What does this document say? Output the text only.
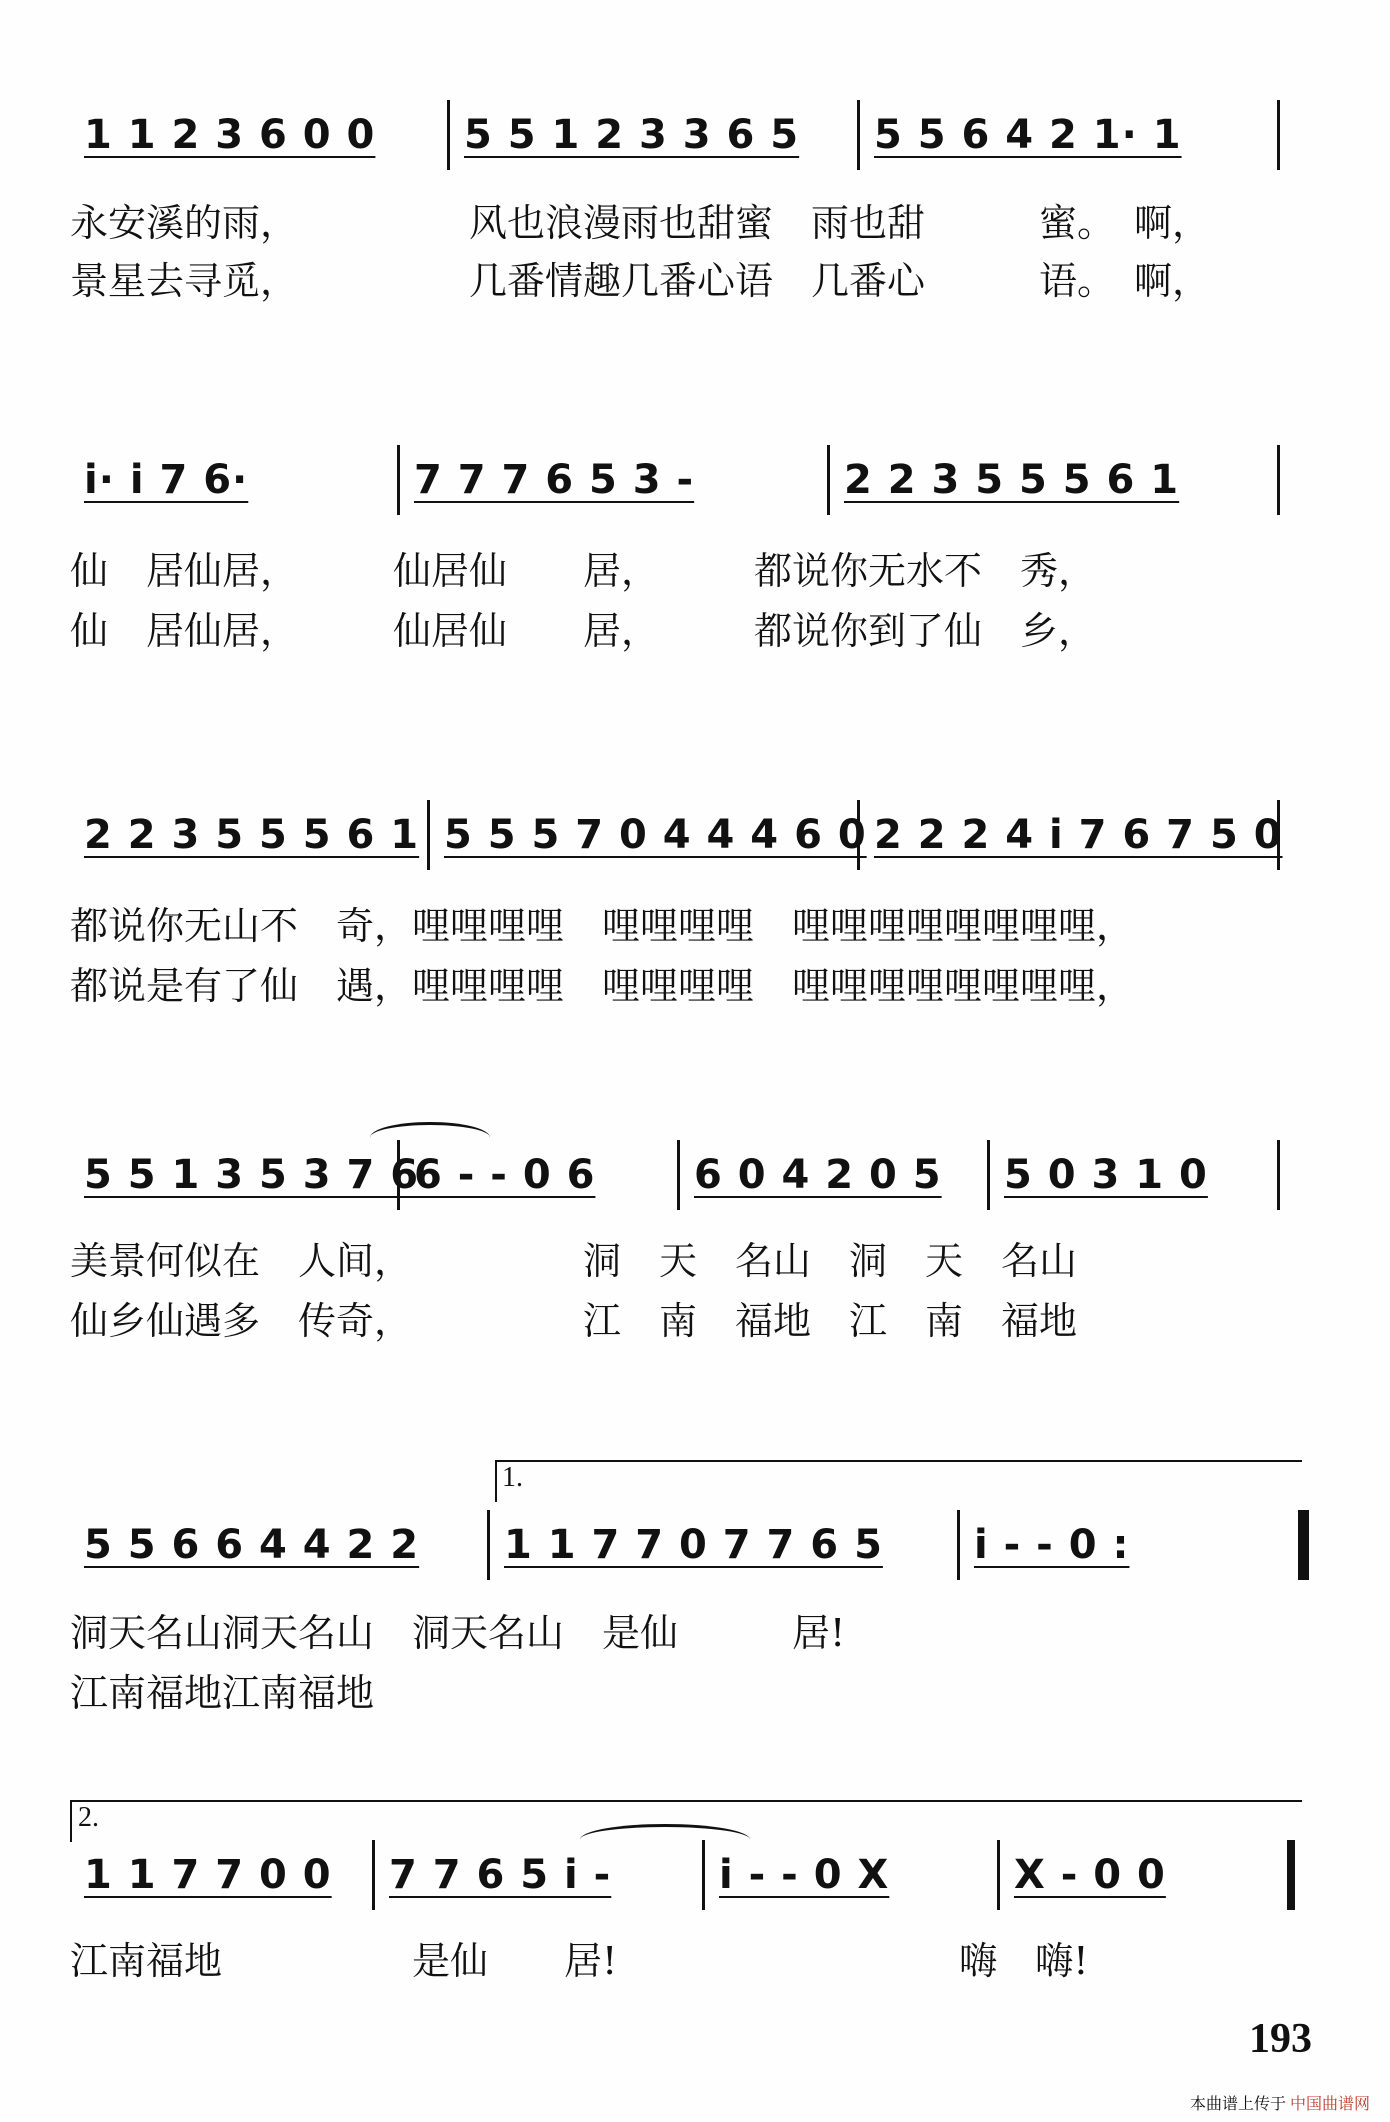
1 1 2 3 6 0 0	5 5 1 2 3 3 6 5	5 5 6 4 2 1· 1
永安溪的雨，　　　　　风也浪漫雨也甜蜜　雨也甜　　　蜜。　啊，
景星去寻觅，　　　　　几番情趣几番心语　几番心　　　语。　啊，
i· i 7 6·	7 7 7 6 5 3 -	2 2 3 5 5 5 6 1
仙　居仙居，　　　仙居仙　　居，　　　都说你无水不　秀，
仙　居仙居，　　　仙居仙　　居，　　　都说你到了仙　乡，
2 2 3 5 5 5 6 1 5 5 5 7 0 4 4 4 6 0 2 2 2 4 i 7 6 7 5 0
都说你无山不　奇，哩哩哩哩　哩哩哩哩　哩哩哩哩哩哩哩哩，
都说是有了仙　遇，哩哩哩哩　哩哩哩哩　哩哩哩哩哩哩哩哩，
5 5 1 3 5 3 7 6
6 - - 0 6	6 0 4 2 0 5	5 0 3 1 0
美景何似在　人间，　　　　　洞　天　名山　洞　天　名山
仙乡仙遇多　传奇，　　　　　江　南　福地　江　南　福地
1.
5 5 6 6 4 4 2 2	1 1 7 7 0 7 7 6 5	i - - 0 :
洞天名山洞天名山　洞天名山　是仙　　　居!
江南福地江南福地
2.
1 1 7 7 0 0	7 7 6 5 i -	i - - 0 X	X - 0 0
江南福地　　　　　是仙　　居!　　　　　　　　　嗨　嗨!
193
本曲谱上传于 中国曲谱网
